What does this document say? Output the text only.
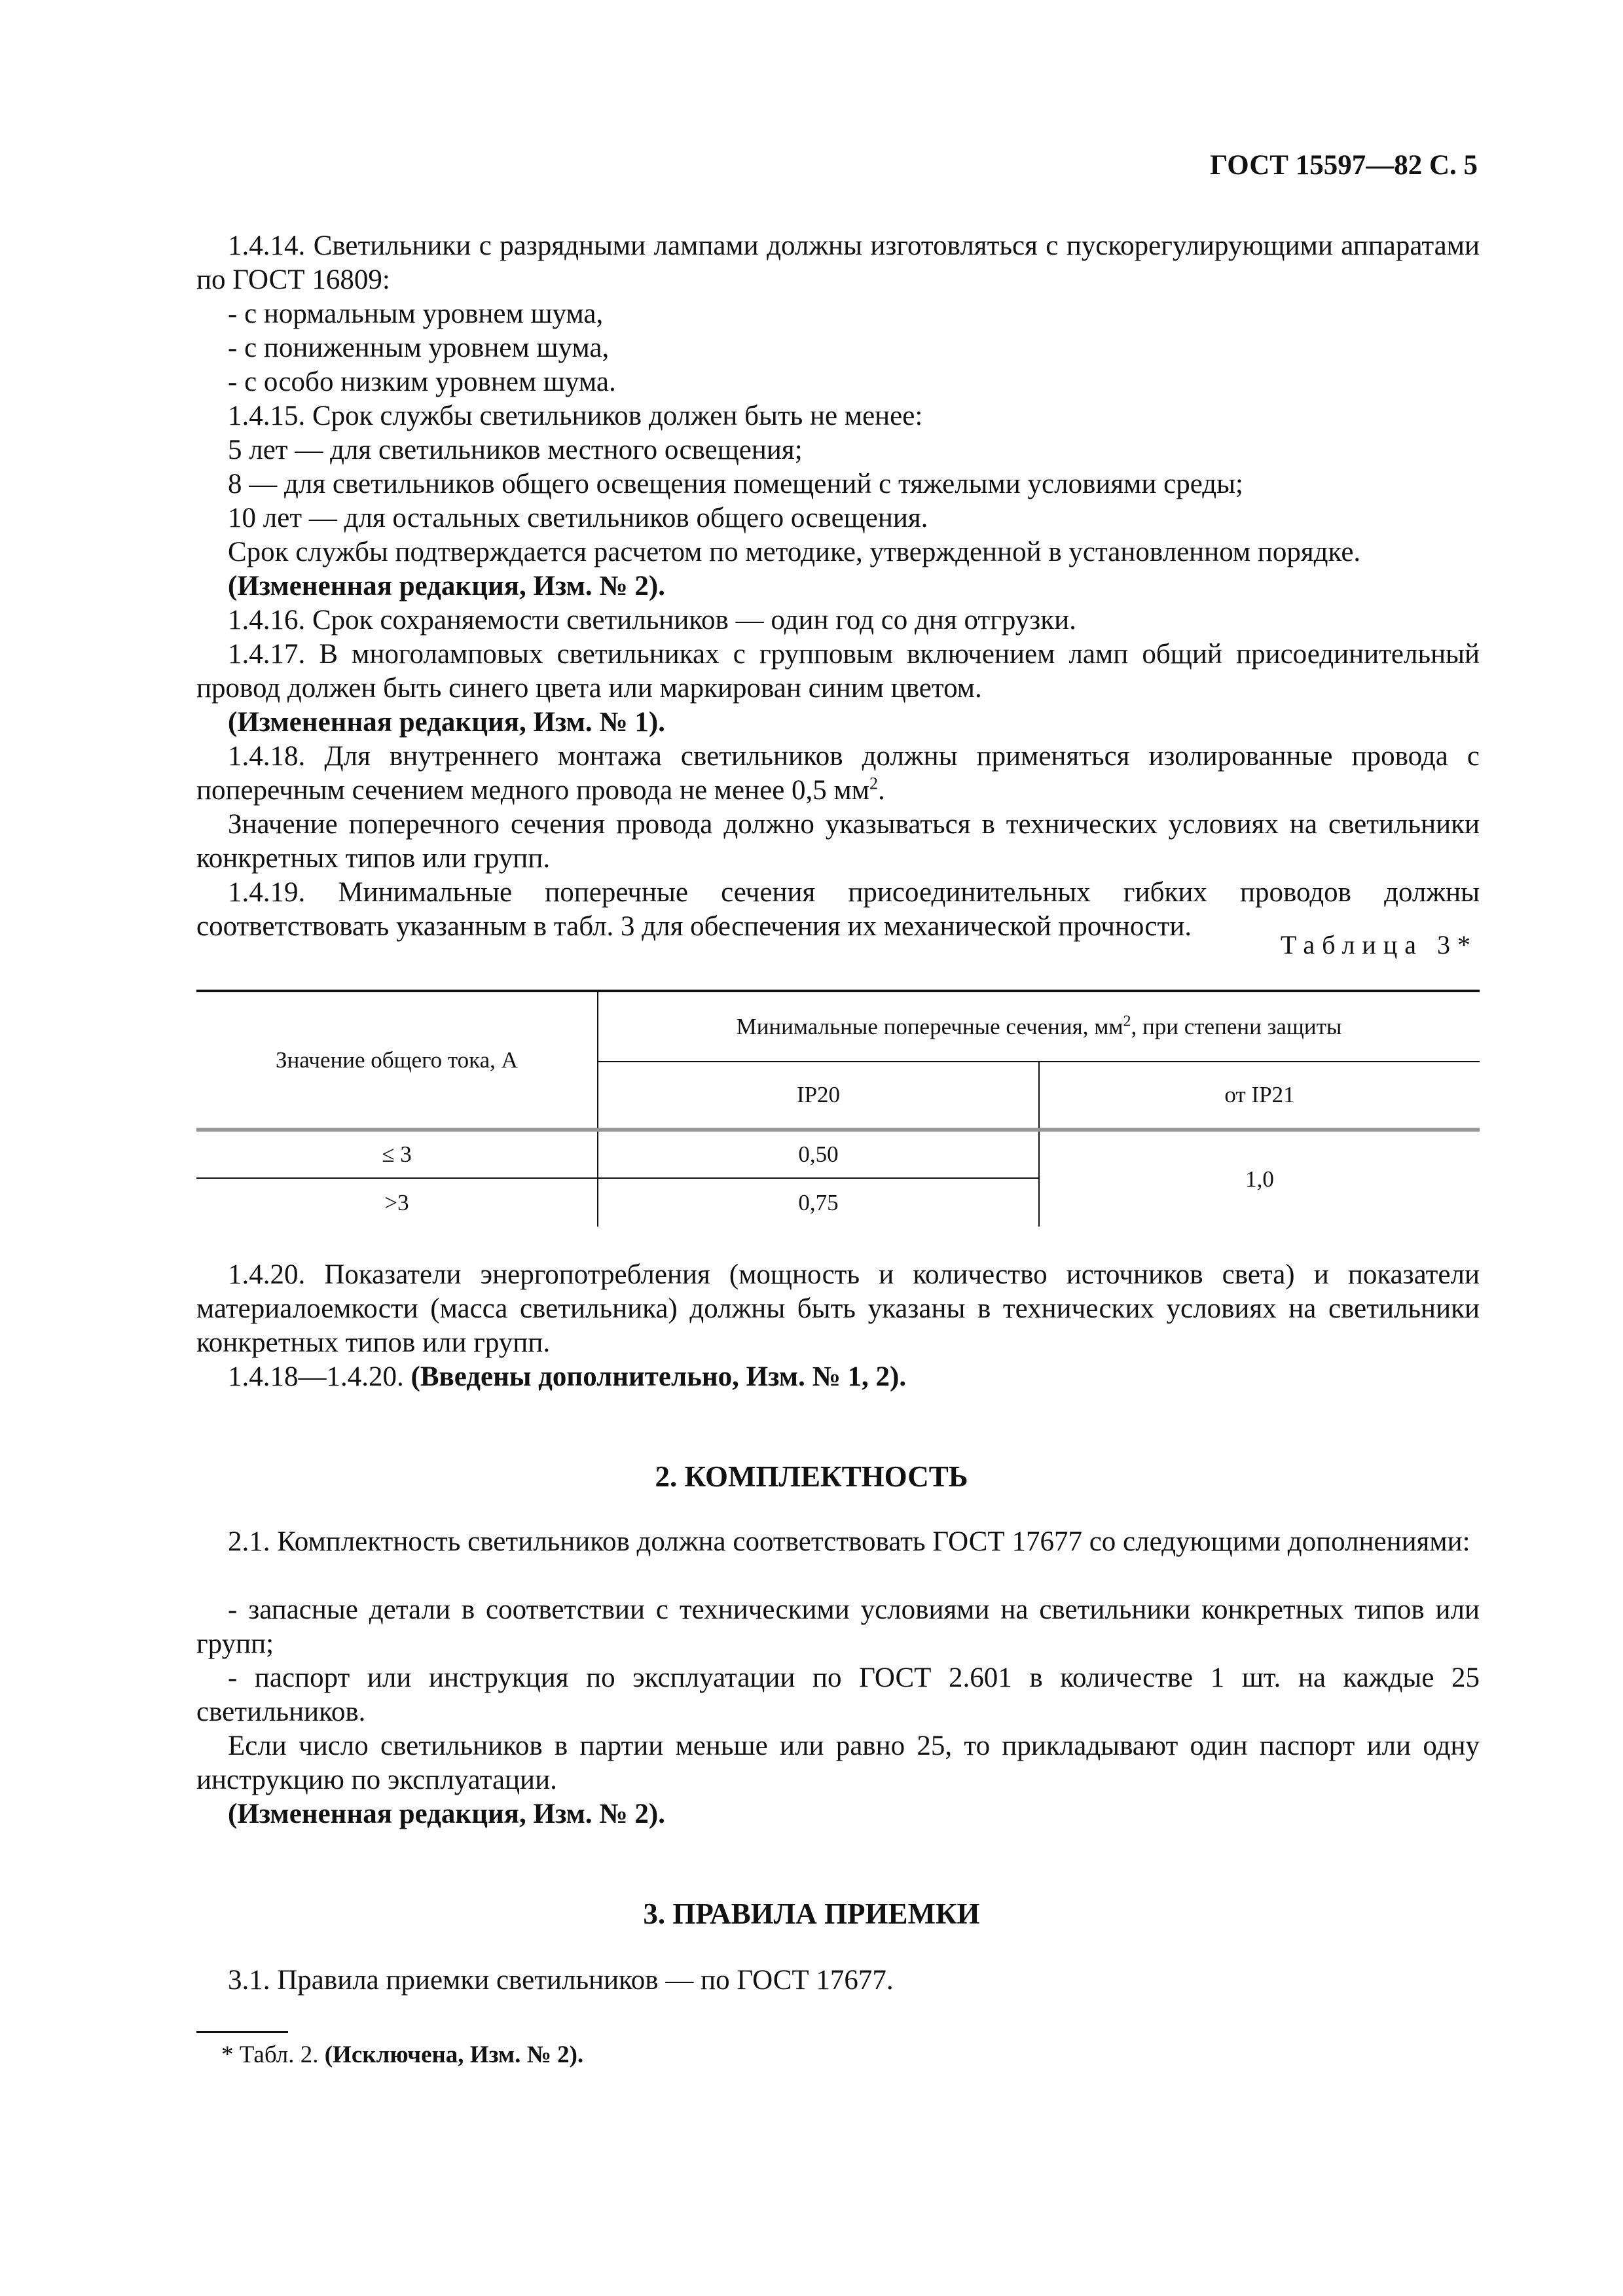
ГОСТ 15597—82 С. 5

1.4.14. Светильники с разрядными лампами должны изготовляться с пускорегулирующими аппаратами по ГОСТ 16809:

- с нормальным уровнем шума,

- с пониженным уровнем шума,

- с особо низким уровнем шума.

1.4.15. Срок службы светильников должен быть не менее:

5 лет — для светильников местного освещения;

8 — для светильников общего освещения помещений с тяжелыми условиями среды;

10 лет — для остальных светильников общего освещения.

Срок службы подтверждается расчетом по методике, утвержденной в установленном порядке.

(Измененная редакция, Изм. № 2).

1.4.16. Срок сохраняемости светильников — один год со дня отгрузки.

1.4.17. В многоламповых светильниках с групповым включением ламп общий присоединительный провод должен быть синего цвета или маркирован синим цветом.

(Измененная редакция, Изм. № 1).

1.4.18. Для внутреннего монтажа светильников должны применяться изолированные провода с поперечным сечением медного провода не менее 0,5 $мм^2$.

Значение поперечного сечения провода должно указываться в технических условиях на светильники конкретных типов или групп.

1.4.19. Минимальные поперечные сечения присоединительных гибких проводов должны соответствовать указанным в табл. 3 для обеспечения их механической прочности.

Таблица 3*
Значение общего тока, А	Минимальные поперечные сечения, $мм^2$, при степени защиты	
	IP20	от IP21
≤ 3	0,50	1,0
>3	0,75	

1.4.20. Показатели энергопотребления (мощность и количество источников света) и показатели материалоемкости (масса светильника) должны быть указаны в технических условиях на светильники конкретных типов или групп.

1.4.18—1.4.20. (Введены дополнительно, Изм. № 1, 2).

2. КОМПЛЕКТНОСТЬ

2.1. Комплектность светильников должна соответствовать ГОСТ 17677 со следующими дополнениями:

- запасные детали в соответствии с техническими условиями на светильники конкретных типов или групп;

- паспорт или инструкция по эксплуатации по ГОСТ 2.601 в количестве 1 шт. на каждые 25 светильников.

Если число светильников в партии меньше или равно 25, то прикладывают один паспорт или одну инструкцию по эксплуатации.

(Измененная редакция, Изм. № 2).

3. ПРАВИЛА ПРИЕМКИ

3.1. Правила приемки светильников — по ГОСТ 17677.

* Табл. 2. (Исключена, Изм. № 2).
